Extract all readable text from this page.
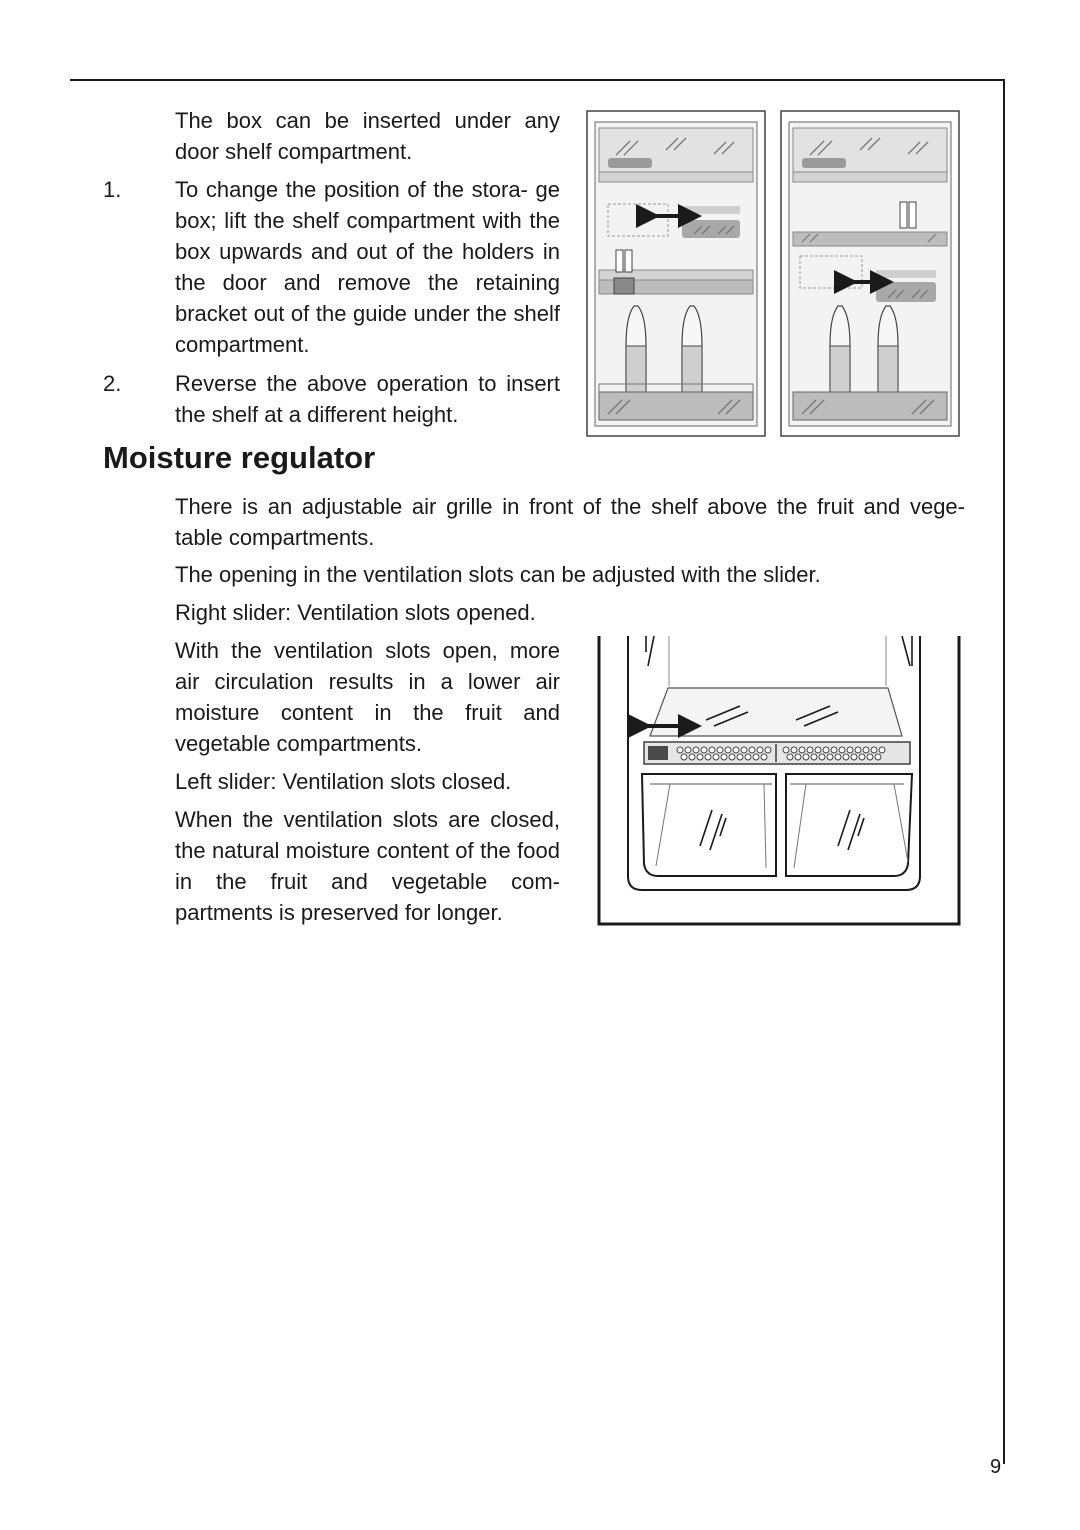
The box can be inserted under any door shelf compartment.
1. To change the position of the stora- ge box; lift the shelf compartment with the box upwards and out of the holders in the door and remove the retaining bracket out of the guide under the shelf compartment.
2. Reverse the above operation to insert the shelf at a different height.
Moisture regulator
There is an adjustable air grille in front of the shelf above the fruit and vege- table compartments.
The opening in the ventilation slots can be adjusted with the slider.
Right slider: Ventilation slots opened.
With the ventilation slots open, more air circulation results in a lower air moisture content in the fruit and vegetable compartments.
Left slider: Ventilation slots closed.
When the ventilation slots are closed, the natural moisture content of the food in the fruit and vegetable com- partments is preserved for longer.
9
